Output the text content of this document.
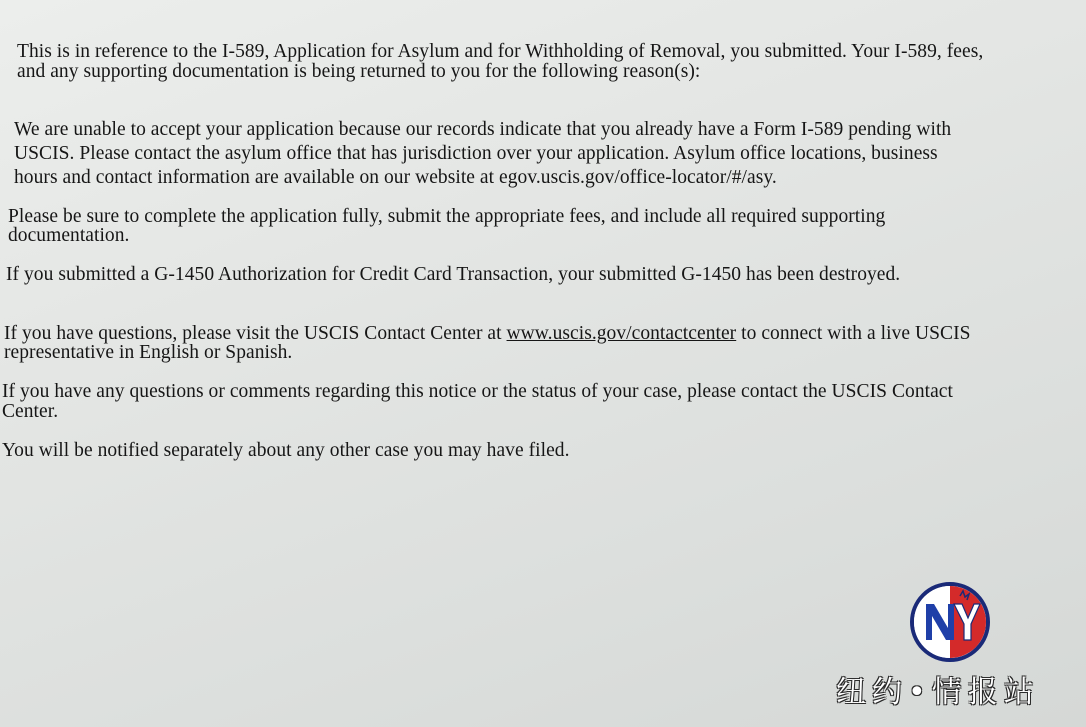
This is in reference to the I-589, Application for Asylum and for Withholding of Removal, you submitted. Your I-589, fees,
and any supporting documentation is being returned to you for the following reason(s):

We are unable to accept your application because our records indicate that you already have a Form I-589 pending with
USCIS. Please contact the asylum office that has jurisdiction over your application. Asylum office locations, business
hours and contact information are available on our website at egov.uscis.gov/office-locator/#/asy.

Please be sure to complete the application fully, submit the appropriate fees, and include all required supporting
documentation.

If you submitted a G-1450 Authorization for Credit Card Transaction, your submitted G-1450 has been destroyed.

If you have questions, please visit the USCIS Contact Center at www.uscis.gov/contactcenter to connect with a live USCIS
representative in English or Spanish.

If you have any questions or comments regarding this notice or the status of your case, please contact the USCIS Contact
Center.

You will be notified separately about any other case you may have filed.

纽约•情报站
